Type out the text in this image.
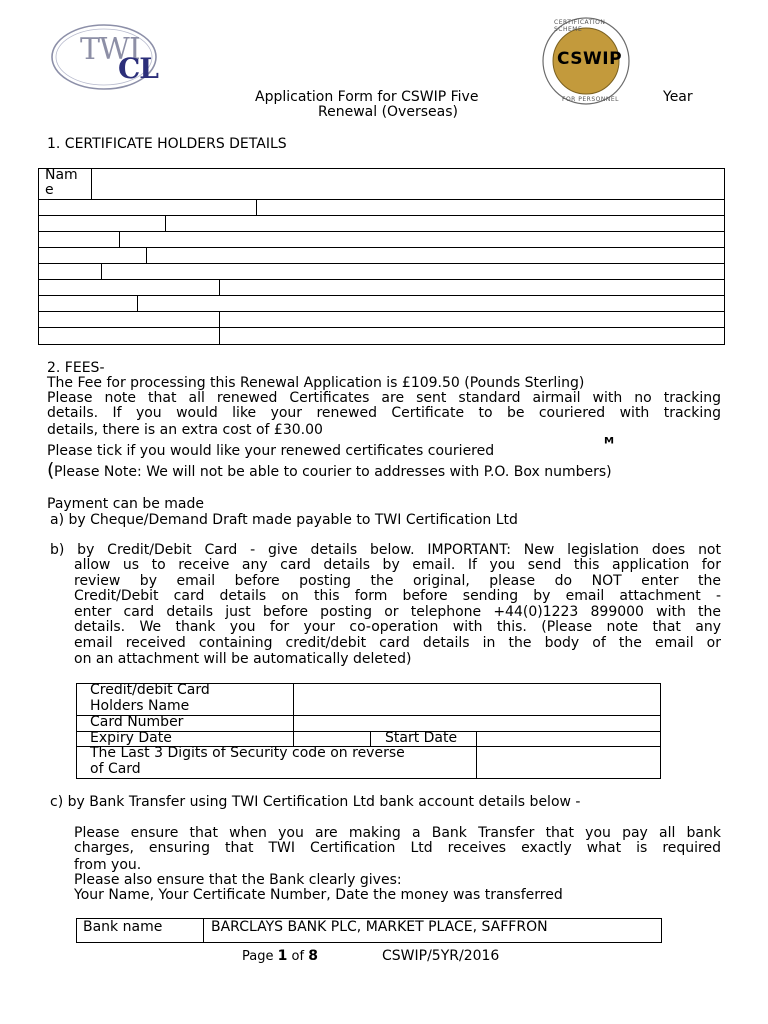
TWI
CL
CERTIFICATION SCHEME
CSWIP
FOR PERSONNEL
Application Form for CSWIP Five	Year
Renewal (Overseas)
1. CERTIFICATE HOLDERS DETAILS
Nam
e
2. FEES-
The Fee for processing this Renewal Application is £109.50 (Pounds Sterling)
Please note that all renewed Certificates are sent standard airmail with no tracking
details. If you would like your renewed Certificate to be couriered with tracking
details, there is an extra cost of £30.00
Please tick if you would like your renewed certificates couriered	ᴹ
( Please Note: We will not be able to courier to addresses with P.O. Box numbers)
Payment can be made
a) by Cheque/Demand Draft made payable to TWI Certification Ltd
b) by Credit/Debit Card - give details below. IMPORTANT: New legislation does not
allow us to receive any card details by email. If you send this application for
review by email before posting the original, please do NOT enter the
Credit/Debit card details on this form before sending by email attachment -
enter card details just before posting or telephone +44(0)1223 899000 with the
details. We thank you for your co-operation with this. (Please note that any
email received containing credit/debit card details in the body of the email or
on an attachment will be automatically deleted)
Credit/debit Card
Holders Name
Card Number
Expiry Date	Start Date
The Last 3 Digits of Security code on reverse
of Card
c) by Bank Transfer using TWI Certification Ltd bank account details below -
Please ensure that when you are making a Bank Transfer that you pay all bank
charges, ensuring that TWI Certification Ltd receives exactly what is required
from you.
Please also ensure that the Bank clearly gives:
Your Name, Your Certificate Number, Date the money was transferred
Bank name	BARCLAYS BANK PLC, MARKET PLACE, SAFFRON
Page 1 of 8	CSWIP/5YR/2016
